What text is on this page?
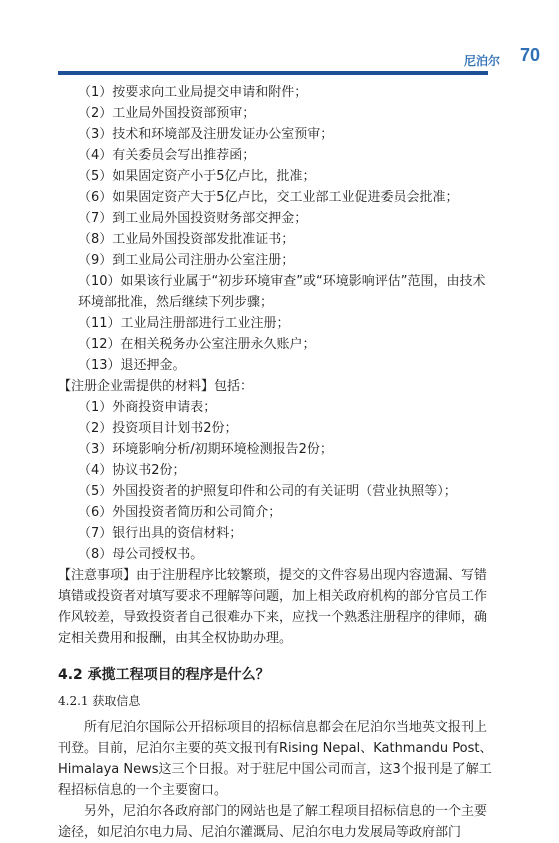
尼泊尔 70

（1）按要求向工业局提交申请和附件；

（2）工业局外国投资部预审；

（3）技术和环境部及注册发证办公室预审；

（4）有关委员会写出推荐函；

（5）如果固定资产小于5亿卢比，批准；

（6）如果固定资产大于5亿卢比，交工业部工业促进委员会批准；

（7）到工业局外国投资财务部交押金；

（8）工业局外国投资部发批准证书；

（9）到工业局公司注册办公室注册；

（10）如果该行业属于“初步环境审查”或“环境影响评估”范围，由技术环境部批准，然后继续下列步骤；

（11）工业局注册部进行工业注册；

（12）在相关税务办公室注册永久账户；

（13）退还押金。

【注册企业需提供的材料】包括：

（1）外商投资申请表；

（2）投资项目计划书2份；

（3）环境影响分析/初期环境检测报告2份；

（4）协议书2份；

（5）外国投资者的护照复印件和公司的有关证明（营业执照等）；

（6）外国投资者简历和公司简介；

（7）银行出具的资信材料；

（8）母公司授权书。

【注意事项】由于注册程序比较繁琐，提交的文件容易出现内容遗漏、写错填错或投资者对填写要求不理解等问题，加上相关政府机构的部分官员工作作风较差，导致投资者自己很难办下来，应找一个熟悉注册程序的律师，确定相关费用和报酬，由其全权协助办理。

4.2 承揽工程项目的程序是什么？
4.2.1 获取信息

所有尼泊尔国际公开招标项目的招标信息都会在尼泊尔当地英文报刊上刊登。目前，尼泊尔主要的英文报刊有Rising Nepal、Kathmandu Post、Himalaya News这三个日报。对于驻尼中国公司而言，这3个报刊是了解工程招标信息的一个主要窗口。

另外，尼泊尔各政府部门的网站也是了解工程项目招标信息的一个主要途径，如尼泊尔电力局、尼泊尔灌溉局、尼泊尔电力发展局等政府部门
